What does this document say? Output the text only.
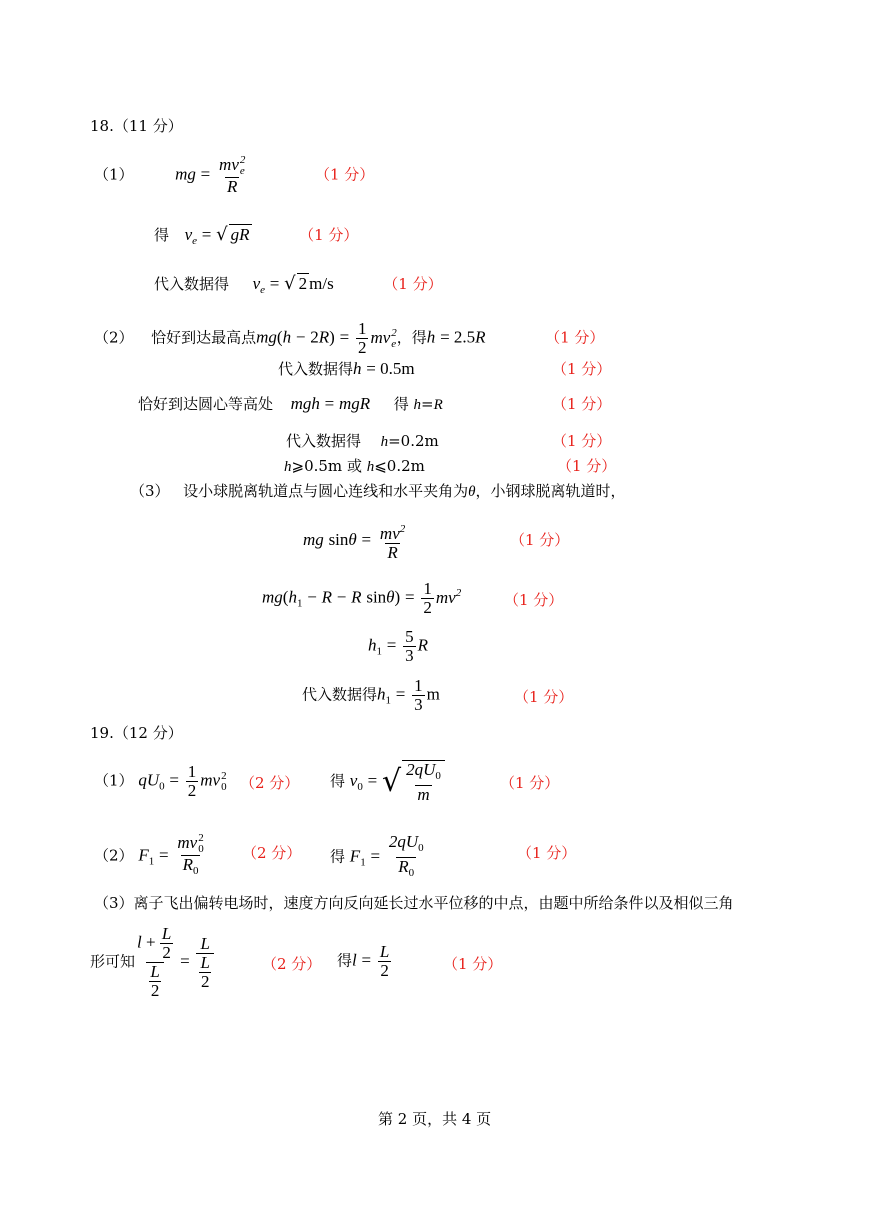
18.（11 分）
（1） mg = mv 2
e
R	（1 分）
得 $v_e$ = √ gR	（1 分）
代入数据得 $v_e$ = √ 2 m/s	（1 分）
（2） 恰好到达最高点$mg(h - 2R) = \frac{1}{2}$ mv 2
e ，得h = 2.5R	（1 分）
代入数据得h = 0.5m	（1 分）
恰好到达圆心等高处 mgh = mgR 得 h=R	（1 分）
代入数据得 h=0.2m	（1 分）
h⩾0.5m 或 h⩽0.2m	（1 分）
（3） 设小球脱离轨道点与圆心连线和水平夹角为θ，小钢球脱离轨道时，
mg $\sin\theta = \frac{mv^2}{R}$	（1 分）
$mg(h_1 - R - R$ $\sin\theta) = \frac{1}{2} mv^2$	（1 分）
$h_1 = \frac{5}{3}$ R
代入数据得$h_1 = \frac{1}{3}$ m	（1 分）
19.（12 分）
（1） $qU_0 = \frac{1}{2}$ mv 2
0 （2 分） 得 $v_0$ = √ $\frac{2qU_0}{m}$	（1 分）
（2） $F_1$ = mv 2
0
$R_0$ （2 分） 得 $F_1 = \frac{2qU_0}{R_0}$	（1 分）
（3）离子飞出偏转电场时，速度方向反向延长过水平位移的中点，由题中所给条件以及相似三角
形可知 $\frac{l + \frac{L}{2}}{\frac{L}{2}} = \frac{L}{\frac{L}{2}}$	（2 分） 得$l = \frac{L}{2}$	（1 分）
第 2 页，共 4 页
